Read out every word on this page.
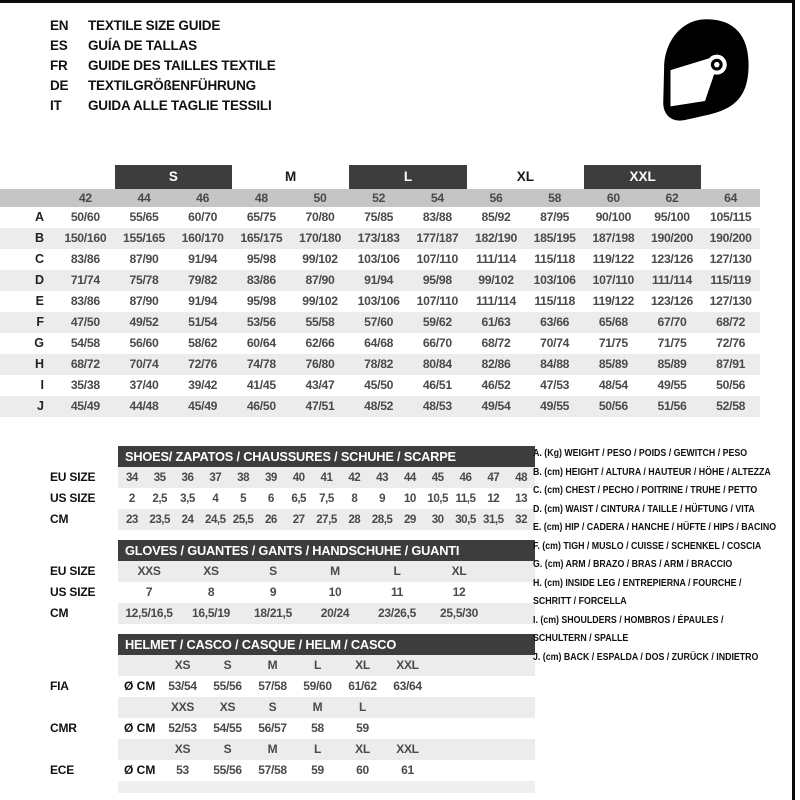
EN	TEXTILE SIZE GUIDE
ES	GUÍA DE TALLAS
FR	GUIDE DES TAILLES TEXTILE
DE	TEXTILGRÖßENFÜHRUNG
IT	GUIDA ALLE TAGLIE TESSILI
S	M	L	XL	XXL
42	44	46	48	50	52	54	56	58	60	62	64
A	50/60	55/65	60/70	65/75	70/80	75/85	83/88	85/92	87/95	90/100	95/100	105/115
B	150/160	155/165	160/170	165/175	170/180	173/183	177/187	182/190	185/195	187/198	190/200	190/200
C	83/86	87/90	91/94	95/98	99/102	103/106	107/110	111/114	115/118	119/122	123/126	127/130
D	71/74	75/78	79/82	83/86	87/90	91/94	95/98	99/102	103/106	107/110	111/114	115/119
E	83/86	87/90	91/94	95/98	99/102	103/106	107/110	111/114	115/118	119/122	123/126	127/130
F	47/50	49/52	51/54	53/56	55/58	57/60	59/62	61/63	63/66	65/68	67/70	68/72
G	54/58	56/60	58/62	60/64	62/66	64/68	66/70	68/72	70/74	71/75	71/75	72/76
H	68/72	70/74	72/76	74/78	76/80	78/82	80/84	82/86	84/88	85/89	85/89	87/91
I	35/38	37/40	39/42	41/45	43/47	45/50	46/51	46/52	47/53	48/54	49/55	50/56
J	45/49	44/48	45/49	46/50	47/51	48/52	48/53	49/54	49/55	50/56	51/56	52/58
SHOES/ ZAPATOS / CHAUSSURES / SCHUHE / SCARPE
EU SIZE	34	35	36	37	38	39	40	41	42	43	44	45	46	47	48
US SIZE	2	2,5	3,5	4	5	6	6,5	7,5	8	9	10 10,5 11,5	12	13
CM	23 23,5 24 24,5 25,5 26	27 27,5 28 28,5 29	30 30,5 31,5 32
GLOVES / GUANTES / GANTS / HANDSCHUHE / GUANTI
EU SIZE	XXS	XS	S	M	L	XL
US SIZE	7	8	9	10	11	12
CM	12,5/16,5	16,5/19	18/21,5	20/24	23/26,5	25,5/30
HELMET / CASCO / CASQUE / HELM / CASCO
XS	S	M	L	XL	XXL
FIA	Ø CM	53/54	55/56	57/58	59/60	61/62	63/64
XXS	XS	S	M	L
CMR	Ø CM	52/53	54/55	56/57	58	59
XS	S	M	L	XL	XXL
ECE	Ø CM	53	55/56	57/58	59	60	61
A. (Kg) WEIGHT / PESO / POIDS / GEWITCH / PESO
B. (cm) HEIGHT / ALTURA / HAUTEUR / HÖHE / ALTEZZA
C. (cm) CHEST / PECHO / POITRINE / TRUHE / PETTO
D. (cm) WAIST / CINTURA / TAILLE / HÜFTUNG / VITA
E. (cm) HIP / CADERA / HANCHE / HÜFTE / HIPS / BACINO
F. (cm) TIGH / MUSLO / CUISSE / SCHENKEL / COSCIA
G. (cm) ARM / BRAZO / BRAS / ARM / BRACCIO
H. (cm) INSIDE LEG / ENTREPIERNA / FOURCHE /
SCHRITT / FORCELLA
I. (cm) SHOULDERS / HOMBROS / ÉPAULES /
SCHULTERN / SPALLE
J. (cm) BACK / ESPALDA / DOS / ZURÜCK / INDIETRO
